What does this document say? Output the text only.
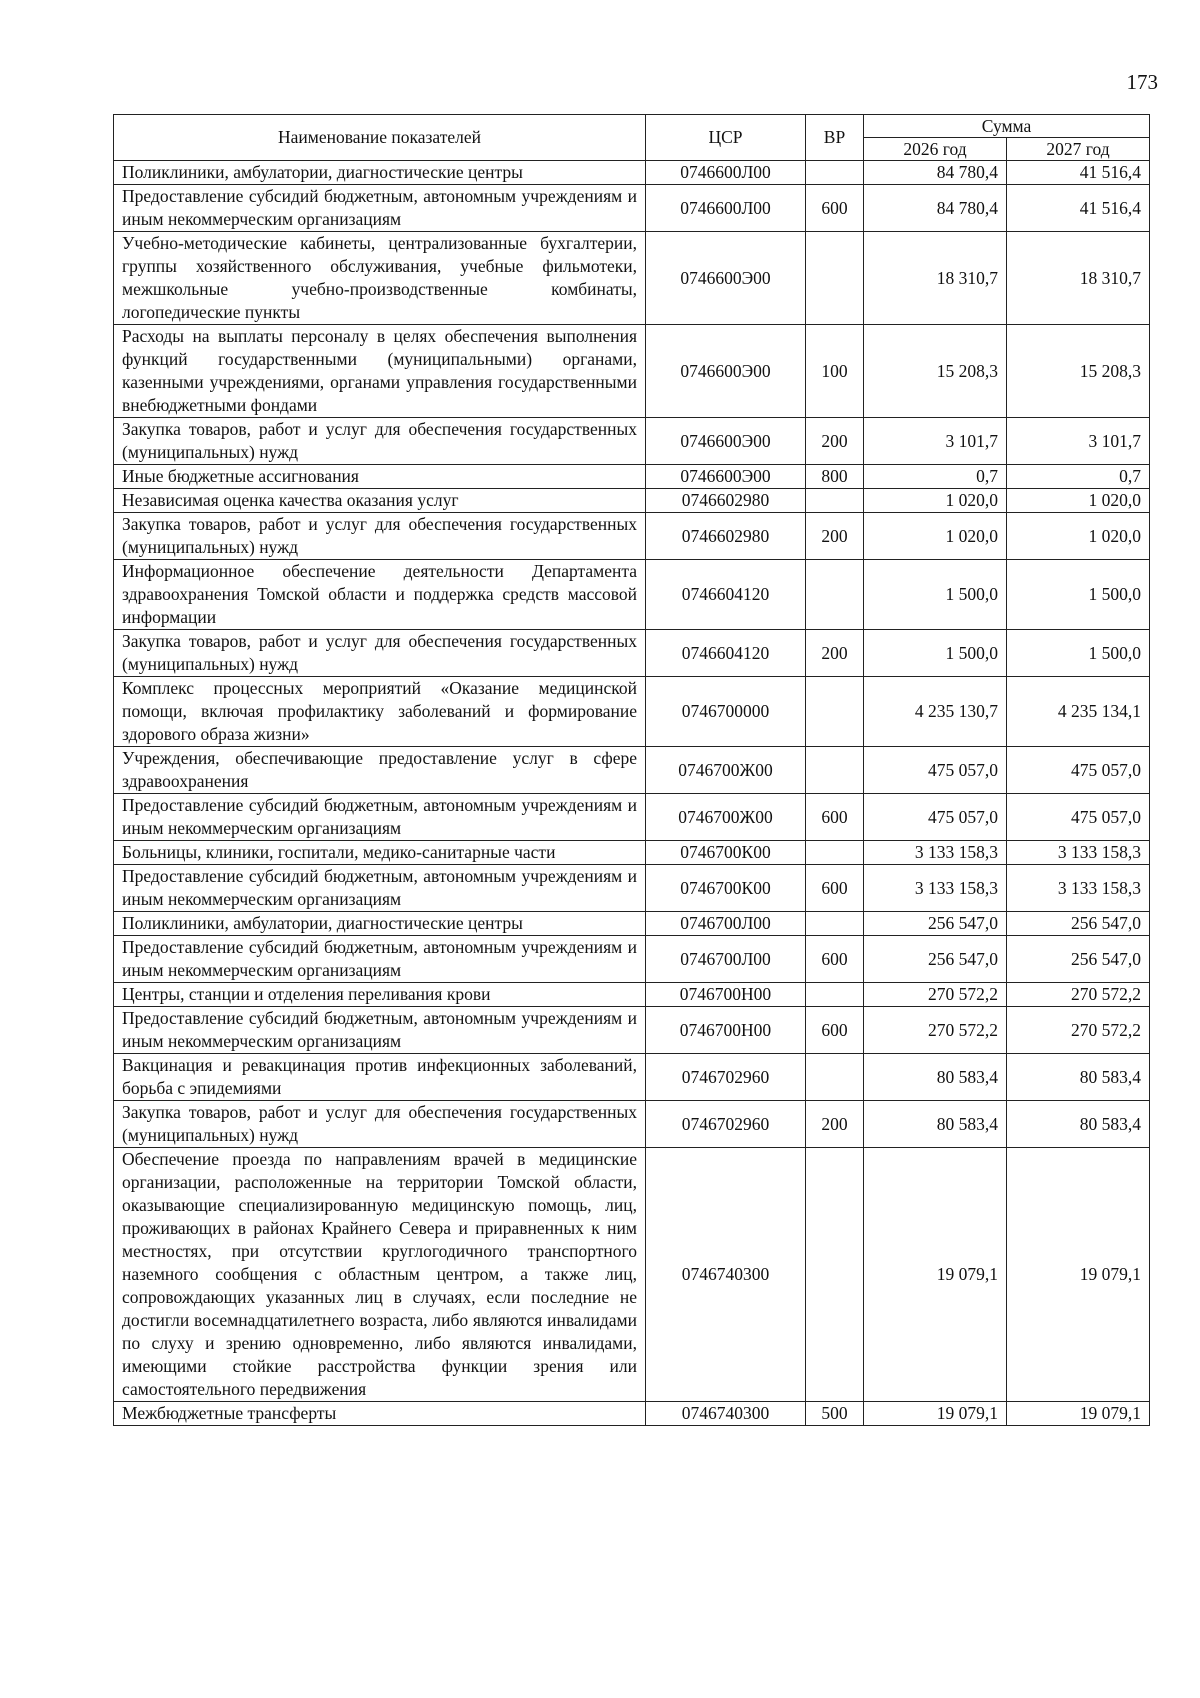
173
Наименование показателей	ЦСР	ВР	Сумма	
			2026 год	2027 год
Поликлиники, амбулатории, диагностические центры	0746600Л00		84 780,4	41 516,4
Предоставление субсидий бюджетным, автономным учреждениям и иным некоммерческим организациям	0746600Л00	600	84 780,4	41 516,4
Учебно-методические кабинеты, централизованные бухгалтерии, группы хозяйственного обслуживания, учебные фильмотеки, межшкольные учебно-производственные комбинаты, логопедические пункты	0746600Э00		18 310,7	18 310,7
Расходы на выплаты персоналу в целях обеспечения выполнения функций государственными (муниципальными) органами, казенными учреждениями, органами управления государственными внебюджетными фондами	0746600Э00	100	15 208,3	15 208,3
Закупка товаров, работ и услуг для обеспечения государственных (муниципальных) нужд	0746600Э00	200	3 101,7	3 101,7
Иные бюджетные ассигнования	0746600Э00	800	0,7	0,7
Независимая оценка качества оказания услуг	0746602980		1 020,0	1 020,0
Закупка товаров, работ и услуг для обеспечения государственных (муниципальных) нужд	0746602980	200	1 020,0	1 020,0
Информационное обеспечение деятельности Департамента здравоохранения Томской области и поддержка средств массовой информации	0746604120		1 500,0	1 500,0
Закупка товаров, работ и услуг для обеспечения государственных (муниципальных) нужд	0746604120	200	1 500,0	1 500,0
Комплекс процессных мероприятий «Оказание медицинской помощи, включая профилактику заболеваний и формирование здорового образа жизни»	0746700000		4 235 130,7	4 235 134,1
Учреждения, обеспечивающие предоставление услуг в сфере здравоохранения	0746700Ж00		475 057,0	475 057,0
Предоставление субсидий бюджетным, автономным учреждениям и иным некоммерческим организациям	0746700Ж00	600	475 057,0	475 057,0
Больницы, клиники, госпитали, медико-санитарные части	0746700К00		3 133 158,3	3 133 158,3
Предоставление субсидий бюджетным, автономным учреждениям и иным некоммерческим организациям	0746700К00	600	3 133 158,3	3 133 158,3
Поликлиники, амбулатории, диагностические центры	0746700Л00		256 547,0	256 547,0
Предоставление субсидий бюджетным, автономным учреждениям и иным некоммерческим организациям	0746700Л00	600	256 547,0	256 547,0
Центры, станции и отделения переливания крови	0746700Н00		270 572,2	270 572,2
Предоставление субсидий бюджетным, автономным учреждениям и иным некоммерческим организациям	0746700Н00	600	270 572,2	270 572,2
Вакцинация и ревакцинация против инфекционных заболеваний, борьба с эпидемиями	0746702960		80 583,4	80 583,4
Закупка товаров, работ и услуг для обеспечения государственных (муниципальных) нужд	0746702960	200	80 583,4	80 583,4
Обеспечение проезда по направлениям врачей в медицинские организации, расположенные на территории Томской области, оказывающие специализированную медицинскую помощь, лиц, проживающих в районах Крайнего Севера и приравненных к ним местностях, при отсутствии круглогодичного транспортного наземного сообщения с областным центром, а также лиц, сопровождающих указанных лиц в случаях, если последние не достигли восемнадцатилетнего возраста, либо являются инвалидами по слуху и зрению одновременно, либо являются инвалидами, имеющими стойкие расстройства функции зрения или самостоятельного передвижения	0746740300		19 079,1	19 079,1
Межбюджетные трансферты	0746740300	500	19 079,1	19 079,1
